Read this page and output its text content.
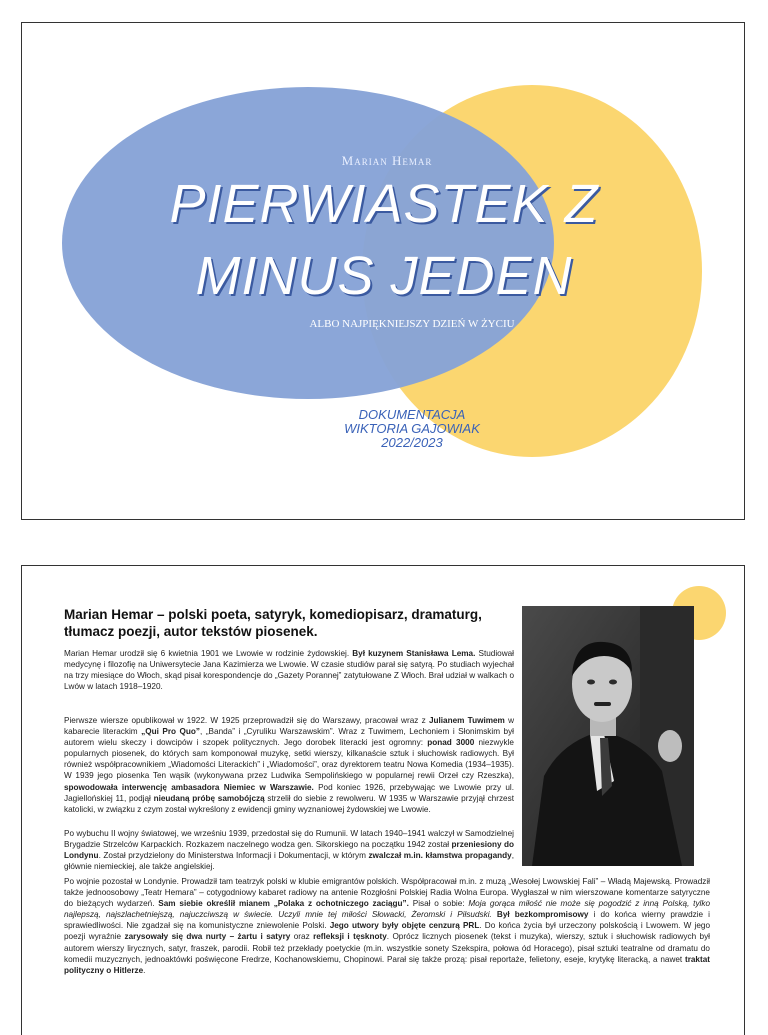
Marian Hemar
PIERWIASTEK Z
MINUS JEDEN
ALBO NAJPIĘKNIEJSZY DZIEŃ W ŻYCIU
DOKUMENTACJA
WIKTORIA GAJOWIAK
2022/2023
Marian Hemar – polski poeta, satyryk, komediopisarz, dramaturg, tłumacz poezji, autor tekstów piosenek.
Marian Hemar urodził się 6 kwietnia 1901 we Lwowie w rodzinie żydowskiej. Był kuzynem Stanisława Lema. Studiował medycynę i filozofię na Uniwersytecie Jana Kazimierza we Lwowie. W czasie studiów parał się satyrą. Po studiach wyjechał na trzy miesiące do Włoch, skąd pisał korespondencje do „Gazety Porannej” zatytułowane Z Włoch. Brał udział w walkach o Lwów w latach 1918–1920.
Pierwsze wiersze opublikował w 1922. W 1925 przeprowadził się do Warszawy, pracował wraz z Julianem Tuwimem w kabarecie literackim „Qui Pro Quo”, „Banda” i „Cyruliku Warszawskim”. Wraz z Tuwimem, Lechoniem i Słonimskim był autorem wielu skeczy i dowcipów i szopek politycznych. Jego dorobek literacki jest ogromny: ponad 3000 niezwykle popularnych piosenek, do których sam komponował muzykę, setki wierszy, kilkanaście sztuk i słuchowisk radiowych. Był również współpracownikiem „Wiadomości Literackich” i „Wiadomości”, oraz dyrektorem teatru Nowa Komedia (1934–1935). W 1939 jego piosenka Ten wąsik (wykonywana przez Ludwika Sempolińskiego w popularnej rewii Orzeł czy Rzeszka), spowodowała interwencję ambasadora Niemiec w Warszawie. Pod koniec 1926, przebywając we Lwowie przy ul. Jagiellońskiej 11, podjął nieudaną próbę samobójczą strzelił do siebie z rewolweru. W 1935 w Warszawie przyjął chrzest katolicki, w związku z czym został wykreślony z ewidencji gminy wyznaniowej żydowskiej we Lwowie.
Po wybuchu II wojny światowej, we wrześniu 1939, przedostał się do Rumunii. W latach 1940–1941 walczył w Samodzielnej Brygadzie Strzelców Karpackich. Rozkazem naczelnego wodza gen. Sikorskiego na początku 1942 został przeniesiony do Londynu. Został przydzielony do Ministerstwa Informacji i Dokumentacji, w którym zwalczał m.in. kłamstwa propagandy, głównie niemieckiej, ale także angielskiej.
Po wojnie pozostał w Londynie. Prowadził tam teatrzyk polski w klubie emigrantów polskich. Współpracował m.in. z muzą „Wesołej Lwowskiej Fali” – Władą Majewską. Prowadził także jednoosobowy „Teatr Hemara” – cotygodniowy kabaret radiowy na antenie Rozgłośni Polskiej Radia Wolna Europa. Wygłaszał w nim wierszowane komentarze satyryczne do bieżących wydarzeń. Sam siebie określił mianem „Polaka z ochotniczego zaciągu”. Pisał o sobie: Moja gorąca miłość nie może się pogodzić z inną Polską, tylko najlepszą, najszlachetniejszą, najuczciwszą w świecie. Uczyli mnie tej miłości Słowacki, Żeromski i Piłsudski. Był bezkompromisowy i do końca wierny prawdzie i sprawiedliwości. Nie zgadzał się na komunistyczne zniewolenie Polski. Jego utwory były objęte cenzurą PRL. Do końca życia był urzeczony polskością i Lwowem. W jego poezji wyraźnie zarysowały się dwa nurty – żartu i satyry oraz refleksji i tęsknoty. Oprócz licznych piosenek (tekst i muzyka), wierszy, sztuk i słuchowisk radiowych był autorem wierszy lirycznych, satyr, fraszek, parodii. Robił też przekłady poetyckie (m.in. wszystkie sonety Szekspira, połowa ód Horacego), pisał sztuki teatralne od dramatu do komedii muzycznych, jednoaktówki poświęcone Fredrze, Kochanowskiemu, Chopinowi. Parał się także prozą: pisał reportaże, felietony, eseje, krytykę literacką, a nawet traktat polityczny o Hitlerze.
